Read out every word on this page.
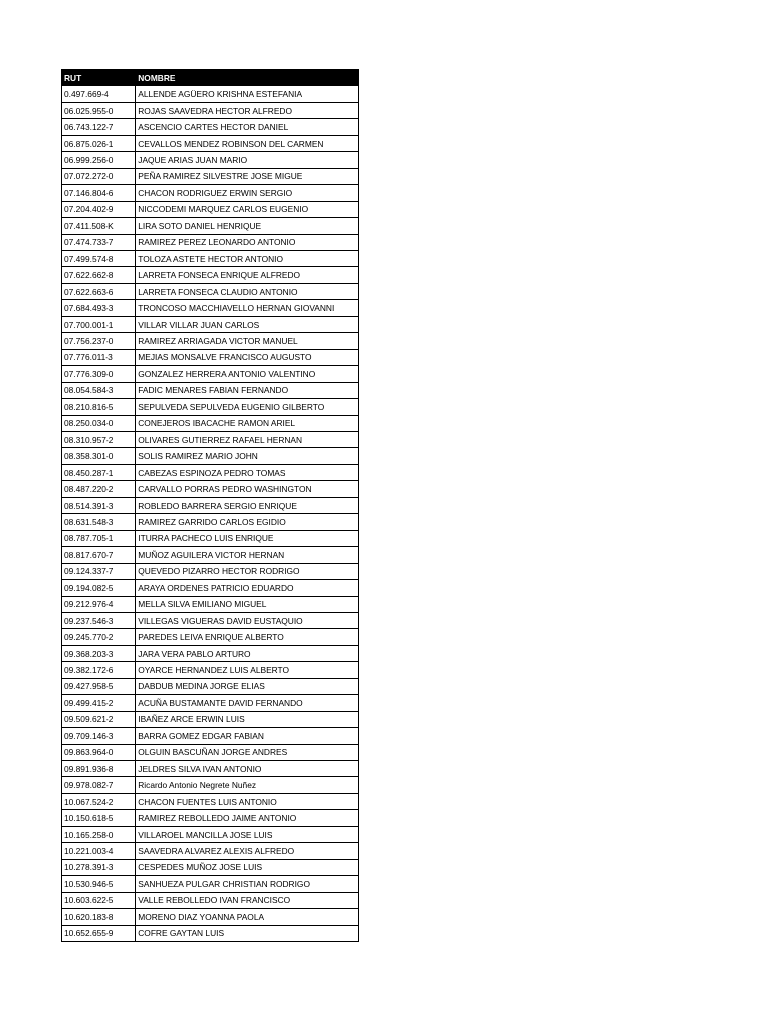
RUT	NOMBRE
0.497.669-4	ALLENDE AGÜERO KRISHNA ESTEFANIA
06.025.955-0	ROJAS SAAVEDRA HECTOR ALFREDO
06.743.122-7	ASCENCIO CARTES HECTOR DANIEL
06.875.026-1	CEVALLOS MENDEZ ROBINSON DEL CARMEN
06.999.256-0	JAQUE ARIAS JUAN MARIO
07.072.272-0	PEÑA RAMIREZ SILVESTRE JOSE MIGUE
07.146.804-6	CHACON RODRIGUEZ ERWIN SERGIO
07.204.402-9	NICCODEMI MARQUEZ CARLOS EUGENIO
07.411.508-K	LIRA SOTO DANIEL HENRIQUE
07.474.733-7	RAMIREZ PEREZ LEONARDO ANTONIO
07.499.574-8	TOLOZA ASTETE HECTOR ANTONIO
07.622.662-8	LARRETA FONSECA ENRIQUE ALFREDO
07.622.663-6	LARRETA FONSECA CLAUDIO ANTONIO
07.684.493-3	TRONCOSO MACCHIAVELLO HERNAN GIOVANNI
07.700.001-1	VILLAR VILLAR JUAN CARLOS
07.756.237-0	RAMIREZ ARRIAGADA VICTOR MANUEL
07.776.011-3	MEJIAS MONSALVE FRANCISCO AUGUSTO
07.776.309-0	GONZALEZ HERRERA ANTONIO VALENTINO
08.054.584-3	FADIC MENARES FABIAN FERNANDO
08.210.816-5	SEPULVEDA SEPULVEDA EUGENIO GILBERTO
08.250.034-0	CONEJEROS IBACACHE RAMON ARIEL
08.310.957-2	OLIVARES GUTIERREZ RAFAEL HERNAN
08.358.301-0	SOLIS RAMIREZ MARIO JOHN
08.450.287-1	CABEZAS ESPINOZA PEDRO TOMAS
08.487.220-2	CARVALLO PORRAS PEDRO WASHINGTON
08.514.391-3	ROBLEDO BARRERA SERGIO ENRIQUE
08.631.548-3	RAMIREZ GARRIDO CARLOS EGIDIO
08.787.705-1	ITURRA PACHECO LUIS ENRIQUE
08.817.670-7	MUÑOZ AGUILERA VICTOR HERNAN
09.124.337-7	QUEVEDO PIZARRO HECTOR RODRIGO
09.194.082-5	ARAYA ORDENES PATRICIO EDUARDO
09.212.976-4	MELLA SILVA EMILIANO MIGUEL
09.237.546-3	VILLEGAS VIGUERAS DAVID EUSTAQUIO
09.245.770-2	PAREDES LEIVA ENRIQUE ALBERTO
09.368.203-3	JARA VERA PABLO ARTURO
09.382.172-6	OYARCE HERNANDEZ LUIS ALBERTO
09.427.958-5	DABDUB MEDINA JORGE ELIAS
09.499.415-2	ACUÑA BUSTAMANTE DAVID FERNANDO
09.509.621-2	IBAÑEZ ARCE ERWIN LUIS
09.709.146-3	BARRA GOMEZ EDGAR FABIAN
09.863.964-0	OLGUIN BASCUÑAN JORGE ANDRES
09.891.936-8	JELDRES SILVA IVAN ANTONIO
09.978.082-7	Ricardo Antonio Negrete Nuñez
10.067.524-2	CHACON FUENTES LUIS ANTONIO
10.150.618-5	RAMIREZ REBOLLEDO JAIME ANTONIO
10.165.258-0	VILLAROEL MANCILLA JOSE LUIS
10.221.003-4	SAAVEDRA ALVAREZ ALEXIS ALFREDO
10.278.391-3	CESPEDES MUÑOZ JOSE LUIS
10.530.946-5	SANHUEZA PULGAR CHRISTIAN RODRIGO
10.603.622-5	VALLE REBOLLEDO IVAN FRANCISCO
10.620.183-8	MORENO DIAZ YOANNA PAOLA
10.652.655-9	COFRE GAYTAN LUIS
